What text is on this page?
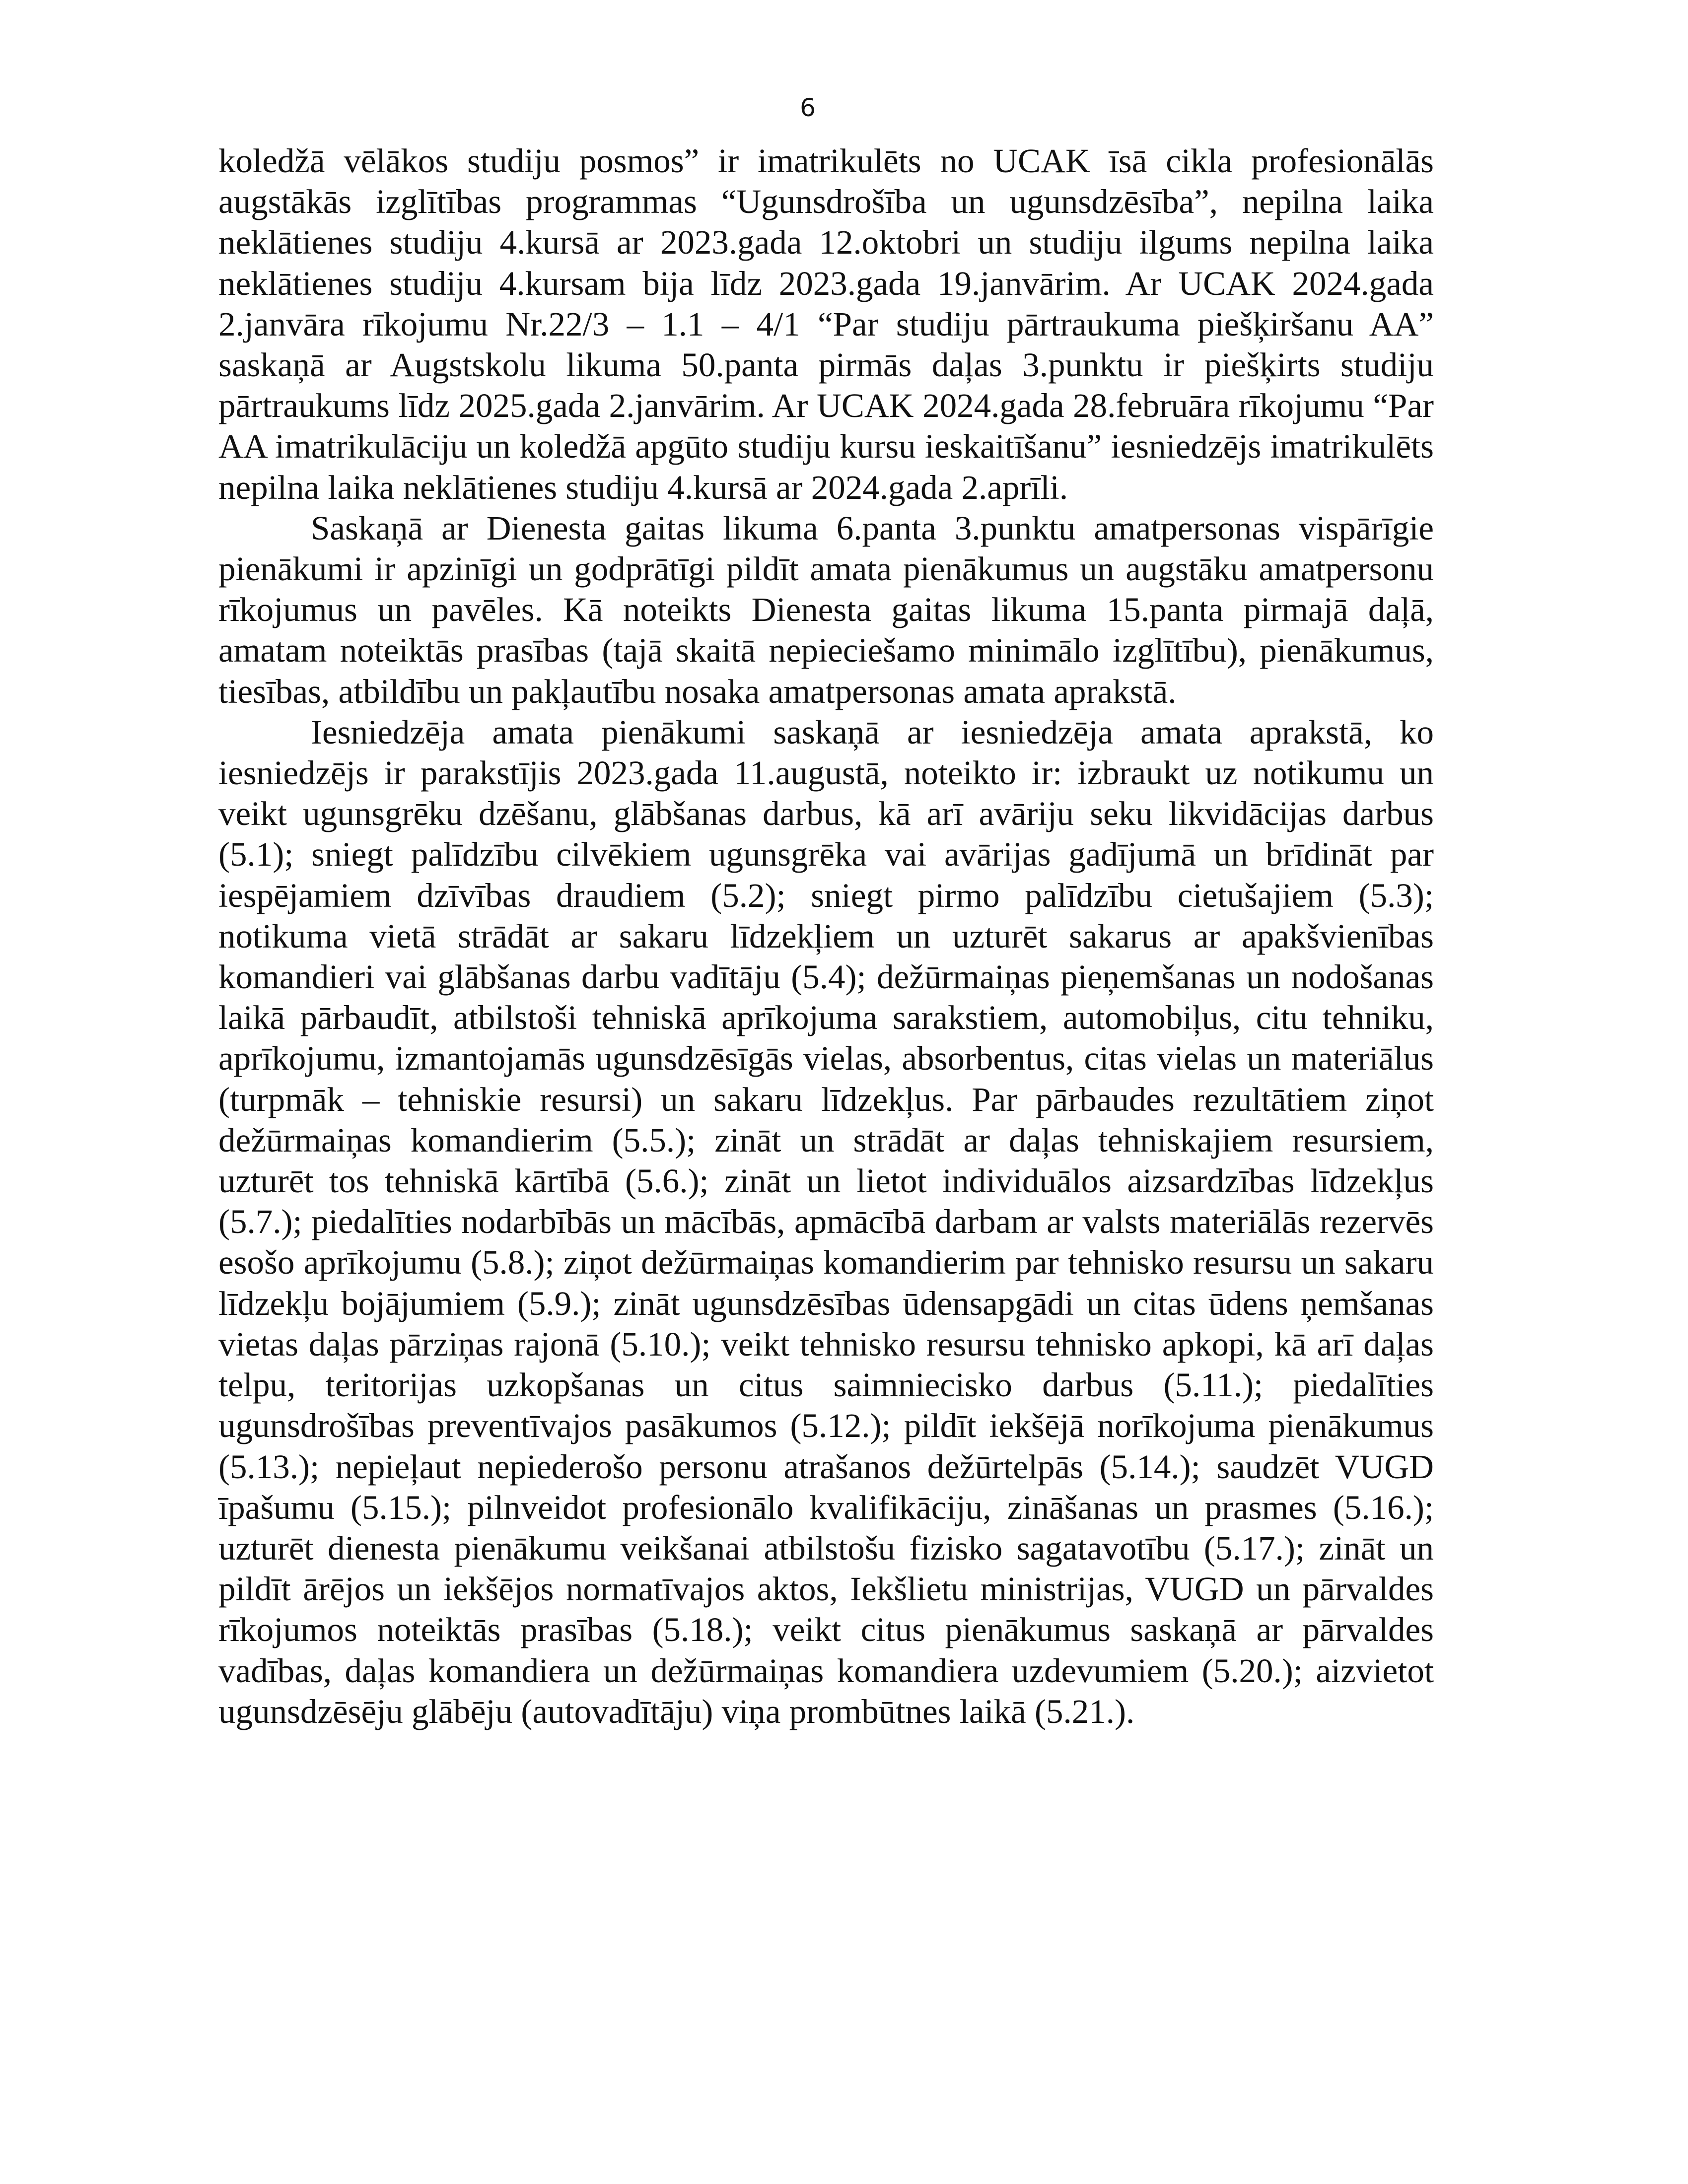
6

koledžā vēlākos studiju posmos” ir imatrikulēts no UCAK īsā cikla profesionālās augstākās izglītības programmas “Ugunsdrošība un ugunsdzēsība”, nepilna laika neklātienes studiju 4.kursā ar 2023.gada 12.oktobri un studiju ilgums nepilna laika neklātienes studiju 4.kursam bija līdz 2023.gada 19.janvārim. Ar UCAK 2024.gada 2.janvāra rīkojumu Nr.22/3 – 1.1 – 4/1 “Par studiju pārtraukuma piešķiršanu AA” saskaņā ar Augstskolu likuma 50.panta pirmās daļas 3.punktu ir piešķirts studiju pārtraukums līdz 2025.gada 2.janvārim. Ar UCAK 2024.gada 28.februāra rīkojumu “Par AA imatrikulāciju un koledžā apgūto studiju kursu ieskaitīšanu” iesniedzējs imatrikulēts nepilna laika neklātienes studiju 4.kursā ar 2024.gada 2.aprīli.

Saskaņā ar Dienesta gaitas likuma 6.panta 3.punktu amatpersonas vispārīgie pienākumi ir apzinīgi un godprātīgi pildīt amata pienākumus un augstāku amatpersonu rīkojumus un pavēles. Kā noteikts Dienesta gaitas likuma 15.panta pirmajā daļā, amatam noteiktās prasības (tajā skaitā nepieciešamo minimālo izglītību), pienākumus, tiesības, atbildību un pakļautību nosaka amatpersonas amata aprakstā.

Iesniedzēja amata pienākumi saskaņā ar iesniedzēja amata aprakstā, ko iesniedzējs ir parakstījis 2023.gada 11.augustā, noteikto ir: izbraukt uz notikumu un veikt ugunsgrēku dzēšanu, glābšanas darbus, kā arī avāriju seku likvidācijas darbus (5.1); sniegt palīdzību cilvēkiem ugunsgrēka vai avārijas gadījumā un brīdināt par iespējamiem dzīvības draudiem (5.2); sniegt pirmo palīdzību cietušajiem (5.3); notikuma vietā strādāt ar sakaru līdzekļiem un uzturēt sakarus ar apakšvienības komandieri vai glābšanas darbu vadītāju (5.4); dežūrmaiņas pieņemšanas un nodošanas laikā pārbaudīt, atbilstoši tehniskā aprīkojuma sarakstiem, automobiļus, citu tehniku, aprīkojumu, izmantojamās ugunsdzēsīgās vielas, absorbentus, citas vielas un materiālus (turpmāk – tehniskie resursi) un sakaru līdzekļus. Par pārbaudes rezultātiem ziņot dežūrmaiņas komandierim (5.5.); zināt un strādāt ar daļas tehniskajiem resursiem, uzturēt tos tehniskā kārtībā (5.6.); zināt un lietot individuālos aizsardzības līdzekļus (5.7.); piedalīties nodarbībās un mācībās, apmācībā darbam ar valsts materiālās rezervēs esošo aprīkojumu (5.8.); ziņot dežūrmaiņas komandierim par tehnisko resursu un sakaru līdzekļu bojājumiem (5.9.); zināt ugunsdzēsības ūdensapgādi un citas ūdens ņemšanas vietas daļas pārziņas rajonā (5.10.); veikt tehnisko resursu tehnisko apkopi, kā arī daļas telpu, teritorijas uzkopšanas un citus saimniecisko darbus (5.11.); piedalīties ugunsdrošības preventīvajos pasākumos (5.12.); pildīt iekšējā norīkojuma pienākumus (5.13.); nepieļaut nepiederošo personu atrašanos dežūrtelpās (5.14.); saudzēt VUGD īpašumu (5.15.); pilnveidot profesionālo kvalifikāciju, zināšanas un prasmes (5.16.); uzturēt dienesta pienākumu veikšanai atbilstošu fizisko sagatavotību (5.17.); zināt un pildīt ārējos un iekšējos normatīvajos aktos, Iekšlietu ministrijas, VUGD un pārvaldes rīkojumos noteiktās prasības (5.18.); veikt citus pienākumus saskaņā ar pārvaldes vadības, daļas komandiera un dežūrmaiņas komandiera uzdevumiem (5.20.); aizvietot ugunsdzēsēju glābēju (autovadītāju) viņa prombūtnes laikā (5.21.).
